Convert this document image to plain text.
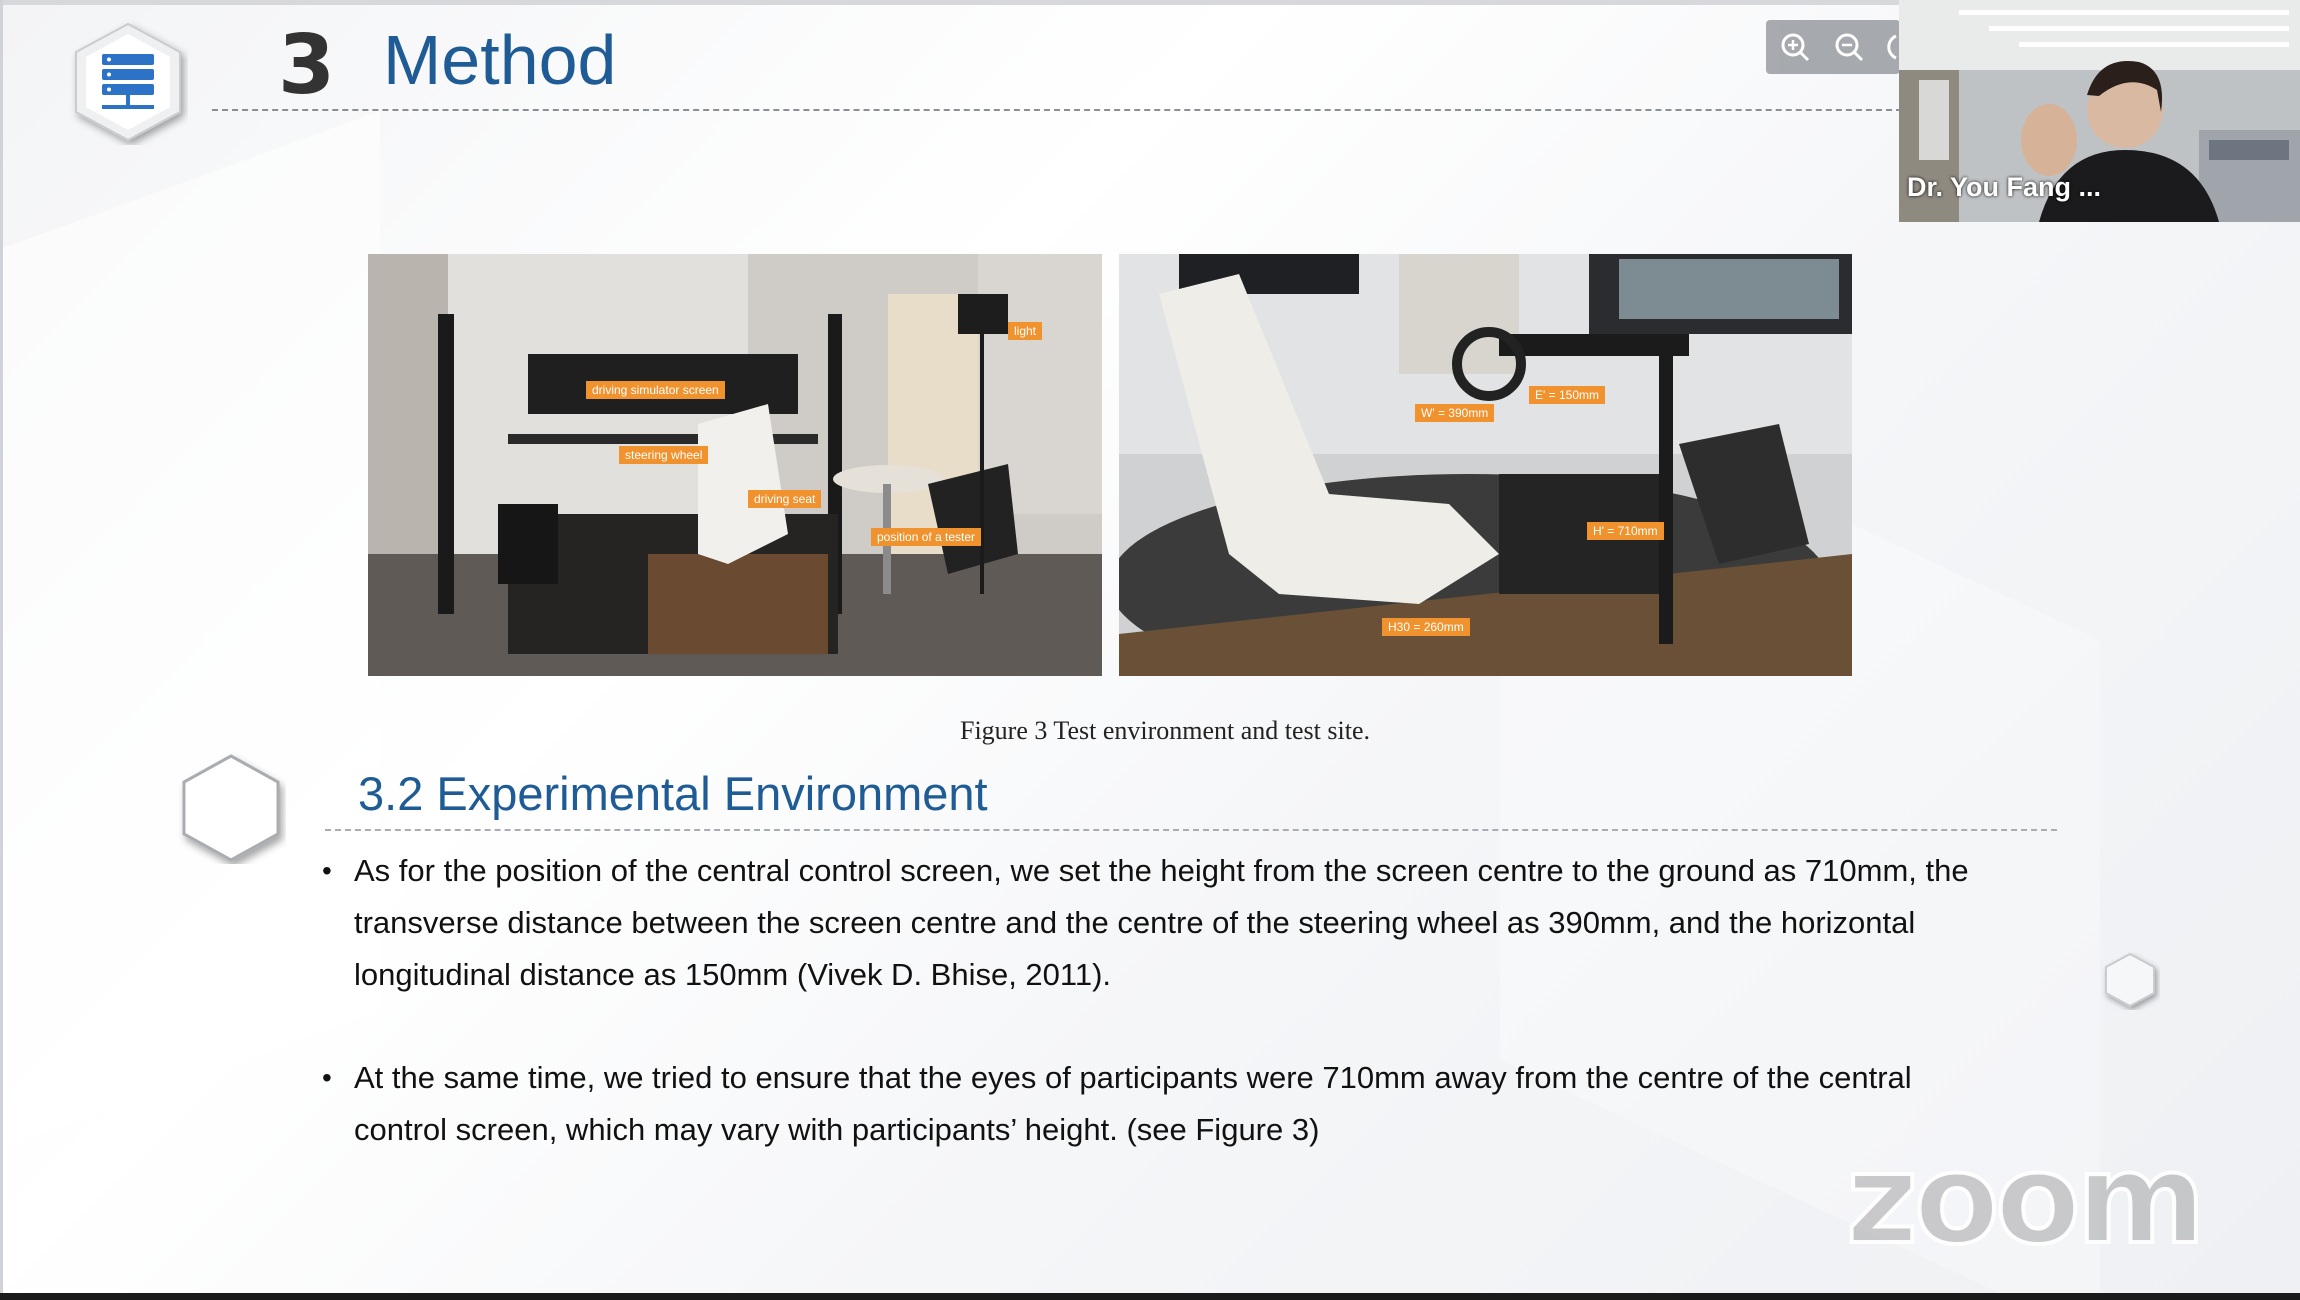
3 Method
driving simulator screen
steering wheel
driving seat
position of a tester
light
W' = 390mm
E' = 150mm
H' = 710mm
H30 = 260mm
Figure 3 Test environment and test site.
3.2 Experimental Environment
• As for the position of the central control screen, we set the height from the screen centre to the ground as 710mm, the
transverse distance between the screen centre and the centre of the steering wheel as 390mm, and the horizontal
longitudinal distance as 150mm (Vivek D. Bhise, 2011).
• At the same time, we tried to ensure that the eyes of participants were 710mm away from the centre of the central
control screen, which may vary with participants’ height. (see Figure 3)	zoom
Dr. You Fang ...
